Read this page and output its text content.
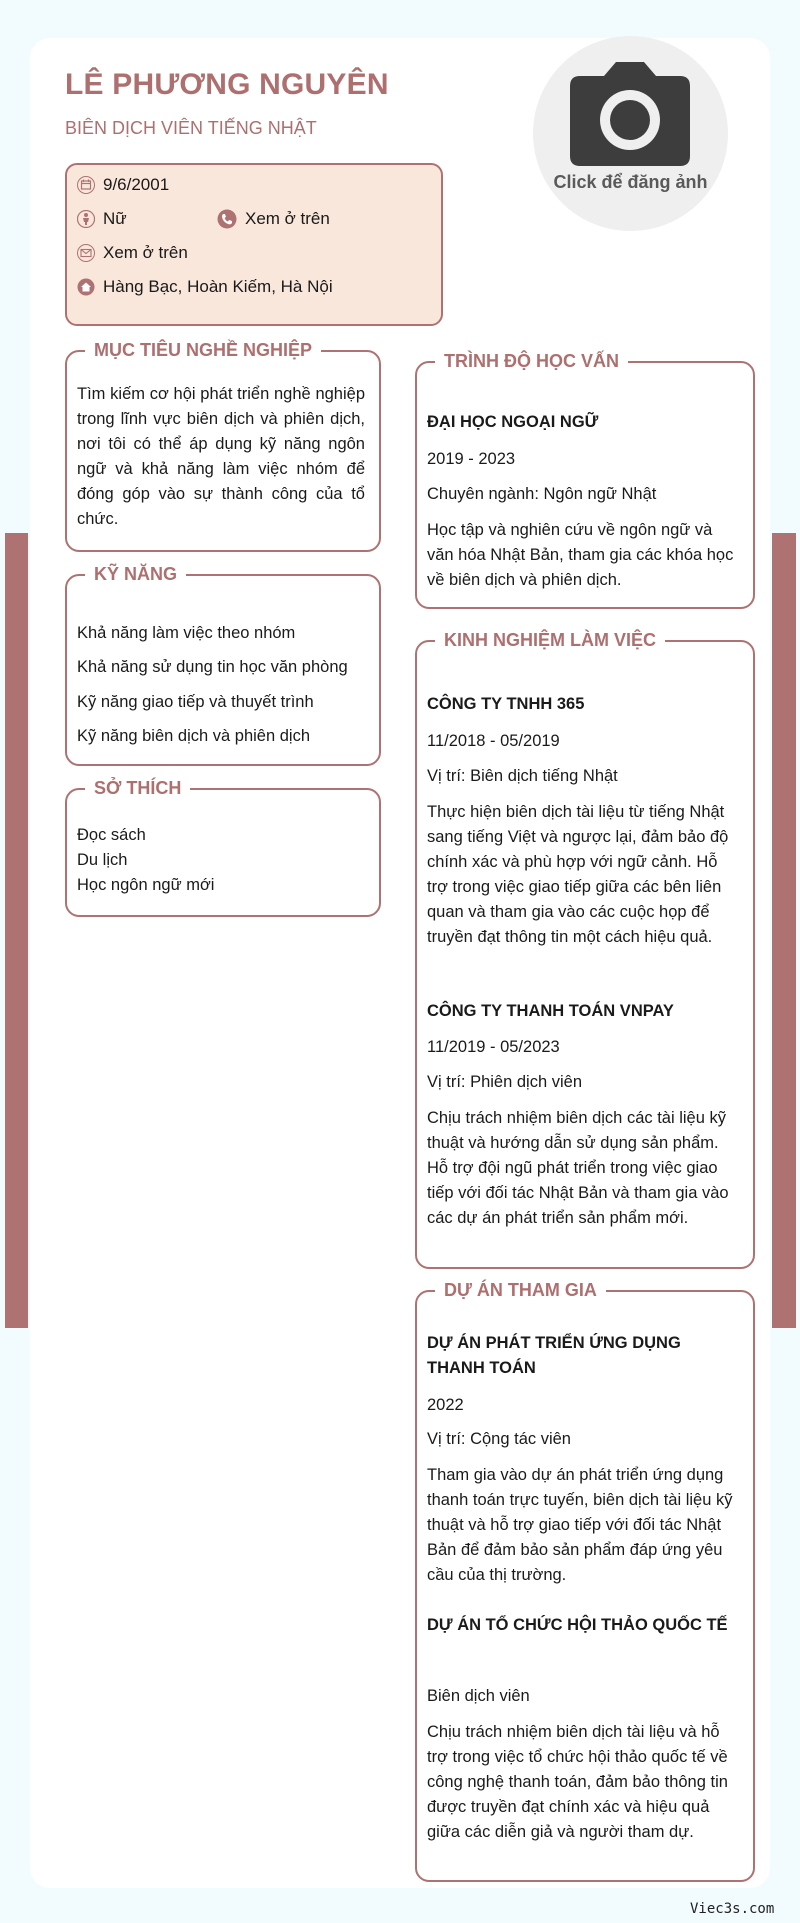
LÊ PHƯƠNG NGUYÊN
BIÊN DỊCH VIÊN TIẾNG NHẬT
Click để đăng ảnh
9/6/2001
Nữ	Xem ở trên
Xem ở trên
Hàng Bạc, Hoàn Kiếm, Hà Nội
MỤC TIÊU NGHỀ NGHIỆP
Tìm kiếm cơ hội phát triển nghề nghiệp trong lĩnh vực biên dịch và phiên dịch, nơi tôi có thể áp dụng kỹ năng ngôn ngữ và khả năng làm việc nhóm để đóng góp vào sự thành công của tổ chức.
KỸ NĂNG
Khả năng làm việc theo nhóm
Khả năng sử dụng tin học văn phòng
Kỹ năng giao tiếp và thuyết trình
Kỹ năng biên dịch và phiên dịch
SỞ THÍCH
Đọc sách
Du lịch
Học ngôn ngữ mới
TRÌNH ĐỘ HỌC VẤN
ĐẠI HỌC NGOẠI NGỮ
2019 - 2023
Chuyên ngành: Ngôn ngữ Nhật
Học tập và nghiên cứu về ngôn ngữ và văn hóa Nhật Bản, tham gia các khóa học về biên dịch và phiên dịch.
KINH NGHIỆM LÀM VIỆC
CÔNG TY TNHH 365
11/2018 - 05/2019
Vị trí: Biên dịch tiếng Nhật
Thực hiện biên dịch tài liệu từ tiếng Nhật sang tiếng Việt và ngược lại, đảm bảo độ chính xác và phù hợp với ngữ cảnh. Hỗ trợ trong việc giao tiếp giữa các bên liên quan và tham gia vào các cuộc họp để truyền đạt thông tin một cách hiệu quả.
CÔNG TY THANH TOÁN VNPAY
11/2019 - 05/2023
Vị trí: Phiên dịch viên
Chịu trách nhiệm biên dịch các tài liệu kỹ thuật và hướng dẫn sử dụng sản phẩm. Hỗ trợ đội ngũ phát triển trong việc giao tiếp với đối tác Nhật Bản và tham gia vào các dự án phát triển sản phẩm mới.
DỰ ÁN THAM GIA
DỰ ÁN PHÁT TRIỂN ỨNG DỤNG THANH TOÁN
2022
Vị trí: Cộng tác viên
Tham gia vào dự án phát triển ứng dụng thanh toán trực tuyến, biên dịch tài liệu kỹ thuật và hỗ trợ giao tiếp với đối tác Nhật Bản để đảm bảo sản phẩm đáp ứng yêu cầu của thị trường.
DỰ ÁN TỔ CHỨC HỘI THẢO QUỐC TẾ
Biên dịch viên
Chịu trách nhiệm biên dịch tài liệu và hỗ trợ trong việc tổ chức hội thảo quốc tế về công nghệ thanh toán, đảm bảo thông tin được truyền đạt chính xác và hiệu quả giữa các diễn giả và người tham dự.
Viec3s.com
